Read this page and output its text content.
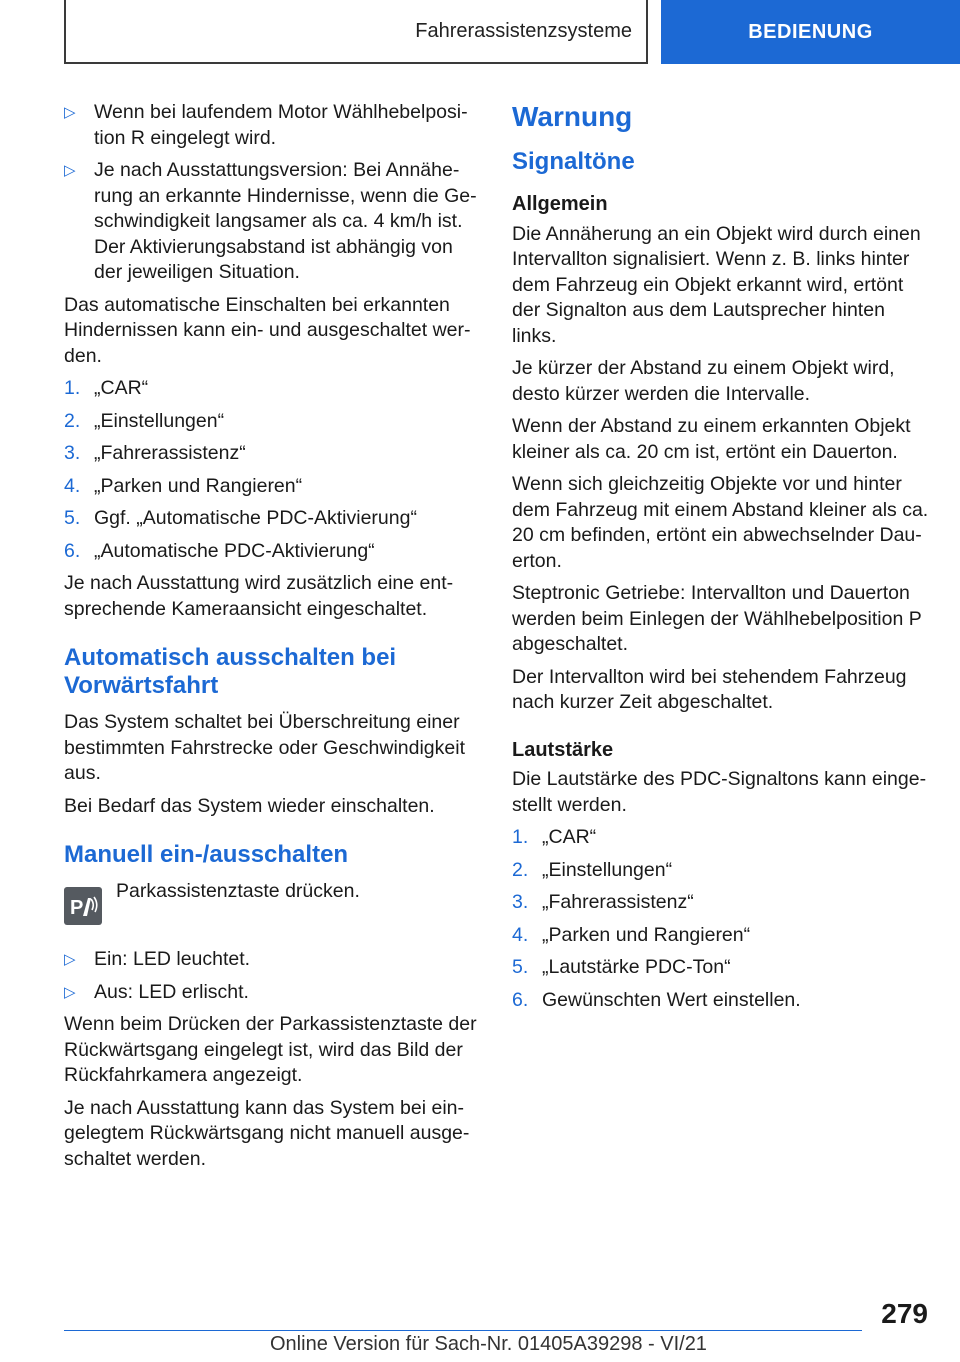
Fahrerassistenzsysteme	BEDIENUNG
▷ Wenn bei laufendem Motor Wählhebelposition R eingelegt wird.
▷ Je nach Ausstattungsversion: Bei Annäherung an erkannte Hindernisse, wenn die Geschwindigkeit langsamer als ca. 4 km/h ist. Der Aktivierungsabstand ist abhängig von der jeweiligen Situation.

Das automatische Einschalten bei erkannten Hindernissen kann ein- und ausgeschaltet werden.

1. „CAR“
2. „Einstellungen“
3. „Fahrerassistenz“
4. „Parken und Rangieren“
5. Ggf. „Automatische PDC-Aktivierung“
6. „Automatische PDC-Aktivierung“

Je nach Ausstattung wird zusätzlich eine entsprechende Kameraansicht eingeschaltet.

Automatisch ausschalten bei Vorwärtsfahrt

Das System schaltet bei Überschreitung einer bestimmten Fahrstrecke oder Geschwindigkeit aus.

Bei Bedarf das System wieder einschalten.

Manuell ein-/ausschalten
P
Parkassistenztaste drücken.
▷ Ein: LED leuchtet.
▷ Aus: LED erlischt.

Wenn beim Drücken der Parkassistenztaste der Rückwärtsgang eingelegt ist, wird das Bild der Rückfahrkamera angezeigt.

Je nach Ausstattung kann das System bei eingelegtem Rückwärtsgang nicht manuell ausgeschaltet werden.

Warnung
Signaltöne
Allgemein

Die Annäherung an ein Objekt wird durch einen Intervallton signalisiert. Wenn z. B. links hinter dem Fahrzeug ein Objekt erkannt wird, ertönt der Signalton aus dem Lautsprecher hinten links.

Je kürzer der Abstand zu einem Objekt wird, desto kürzer werden die Intervalle.

Wenn der Abstand zu einem erkannten Objekt kleiner als ca. 20 cm ist, ertönt ein Dauerton.

Wenn sich gleichzeitig Objekte vor und hinter dem Fahrzeug mit einem Abstand kleiner als ca. 20 cm befinden, ertönt ein abwechselnder Dauerton.

Steptronic Getriebe: Intervallton und Dauerton werden beim Einlegen der Wählhebelposition P abgeschaltet.

Der Intervallton wird bei stehendem Fahrzeug nach kurzer Zeit abgeschaltet.

Lautstärke

Die Lautstärke des PDC-Signaltons kann eingestellt werden.

1. „CAR“
2. „Einstellungen“
3. „Fahrerassistenz“
4. „Parken und Rangieren“
5. „Lautstärke PDC-Ton“
6. Gewünschten Wert einstellen.
279
Online Version für Sach-Nr. 01405A39298 - VI/21
